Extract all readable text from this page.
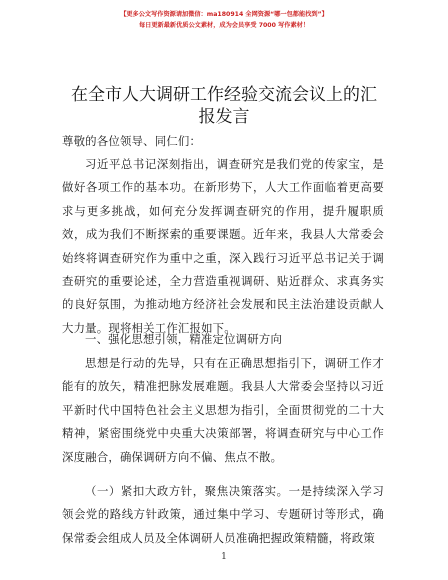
【更多公文写作资源请加微信：ma180914 全网资源“哪一包都能找到”】
每日更新最新优质公文素材，成为会员享受 7000 写作素材！
在全市人大调研工作经验交流会议上的汇报发言
尊敬的各位领导、同仁们：
习近平总书记深刻指出，调查研究是我们党的传家宝，是做好各项工作的基本功。在新形势下，人大工作面临着更高要求与更多挑战，如何充分发挥调查研究的作用，提升履职质效，成为我们不断探索的重要课题。近年来，我县人大常委会始终将调查研究作为重中之重，深入践行习近平总书记关于调查研究的重要论述，全力营造重视调研、贴近群众、求真务实的良好氛围，为推动地方经济社会发展和民主法治建设贡献人大力量。现将相关工作汇报如下。
一、强化思想引领，精准定位调研方向
思想是行动的先导，只有在正确思想指引下，调研工作才能有的放矢，精准把脉发展难题。我县人大常委会坚持以习近平新时代中国特色社会主义思想为指引，全面贯彻党的二十大精神，紧密围绕党中央重大决策部署，将调查研究与中心工作深度融合，确保调研方向不偏、焦点不散。
（一）紧扣大政方针，聚焦决策落实。一是持续深入学习领会党的路线方针政策，通过集中学习、专题研讨等形式，确保常委会组成人员及全体调研人员准确把握政策精髓，将政策
1
